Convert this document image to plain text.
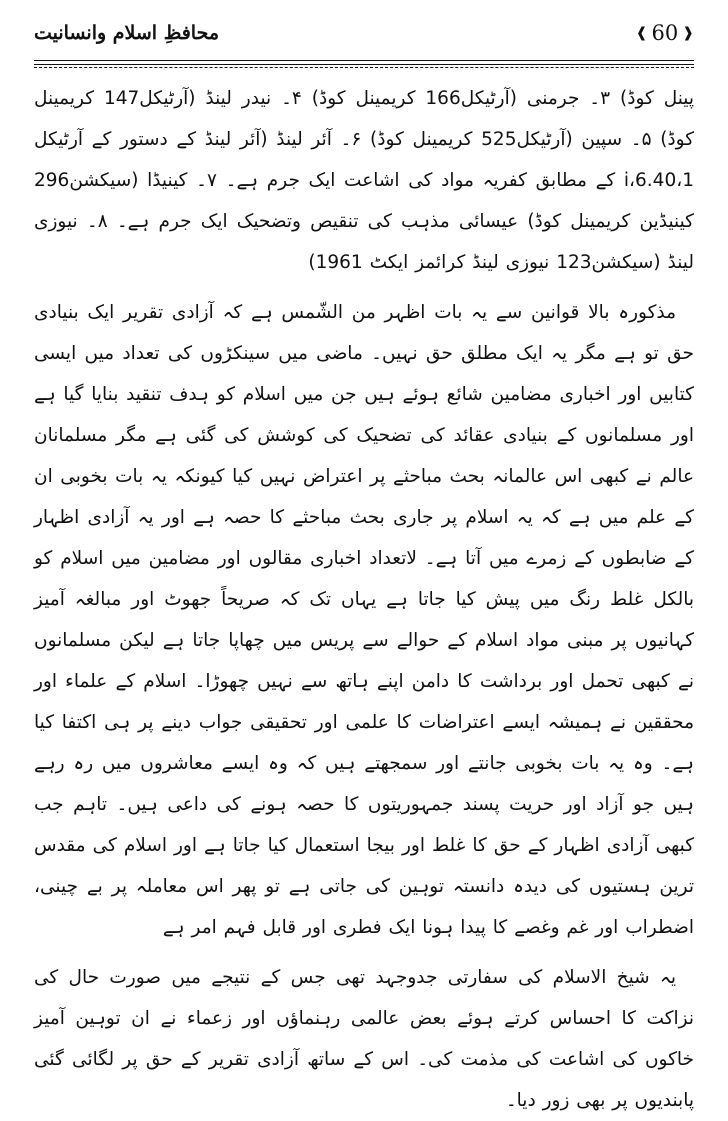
محافظِ اسلام وانسانیت	❰ 60 ❱

پینل کوڈ) ۳۔ جرمنی (آرٹیکل166 کریمینل کوڈ) ۴۔ نیدر لینڈ (آرٹیکل147 کریمینل کوڈ) ۵۔ سپین (آرٹیکل525 کریمینل کوڈ) ۶۔ آئر لینڈ (آئر لینڈ کے دستور کے آرٹیکل 1،i،6.40 کے مطابق کفریہ مواد کی اشاعت ایک جرم ہے۔ ۷۔ کینیڈا (سیکشن296 کینیڈین کریمینل کوڈ) عیسائی مذہب کی تنقیص وتضحیک ایک جرم ہے۔ ۸۔ نیوزی لینڈ (سیکشن123 نیوزی لینڈ کرائمز ایکٹ 1961)

مذکورہ بالا قوانین سے یہ بات اظہر من الشّمس ہے کہ آزادی تقریر ایک بنیادی حق تو ہے مگر یہ ایک مطلق حق نہیں۔ ماضی میں سینکڑوں کی تعداد میں ایسی کتابیں اور اخباری مضامین شائع ہوئے ہیں جن میں اسلام کو ہدف تنقید بنایا گیا ہے اور مسلمانوں کے بنیادی عقائد کی تضحیک کی کوشش کی گئی ہے مگر مسلمانان عالم نے کبھی اس عالمانہ بحث مباحثے پر اعتراض نہیں کیا کیونکہ یہ بات بخوبی ان کے علم میں ہے کہ یہ اسلام پر جاری بحث مباحثے کا حصہ ہے اور یہ آزادی اظہار کے ضابطوں کے زمرے میں آتا ہے۔ لاتعداد اخباری مقالوں اور مضامین میں اسلام کو بالکل غلط رنگ میں پیش کیا جاتا ہے یہاں تک کہ صریحاً جھوٹ اور مبالغہ آمیز کہانیوں پر مبنی مواد اسلام کے حوالے سے پریس میں چھاپا جاتا ہے لیکن مسلمانوں نے کبھی تحمل اور برداشت کا دامن اپنے ہاتھ سے نہیں چھوڑا۔ اسلام کے علماء اور محققین نے ہمیشہ ایسے اعتراضات کا علمی اور تحقیقی جواب دینے پر ہی اکتفا کیا ہے۔ وہ یہ بات بخوبی جانتے اور سمجھتے ہیں کہ وہ ایسے معاشروں میں رہ رہے ہیں جو آزاد اور حریت پسند جمہوریتوں کا حصہ ہونے کی داعی ہیں۔ تاہم جب کبھی آزادی اظہار کے حق کا غلط اور بیجا استعمال کیا جاتا ہے اور اسلام کی مقدس ترین ہستیوں کی دیدہ دانستہ توہین کی جاتی ہے تو پھر اس معاملہ پر بے چینی، اضطراب اور غم وغصے کا پیدا ہونا ایک فطری اور قابل فہم امر ہے

یہ شیخ الاسلام کی سفارتی جدوجہد تھی جس کے نتیجے میں صورت حال کی نزاکت کا احساس کرتے ہوئے بعض عالمی رہنماؤں اور زعماء نے ان توہین آمیز خاکوں کی اشاعت کی مذمت کی۔ اس کے ساتھ آزادی تقریر کے حق پر لگائی گئی پابندیوں پر بھی زور دیا۔
